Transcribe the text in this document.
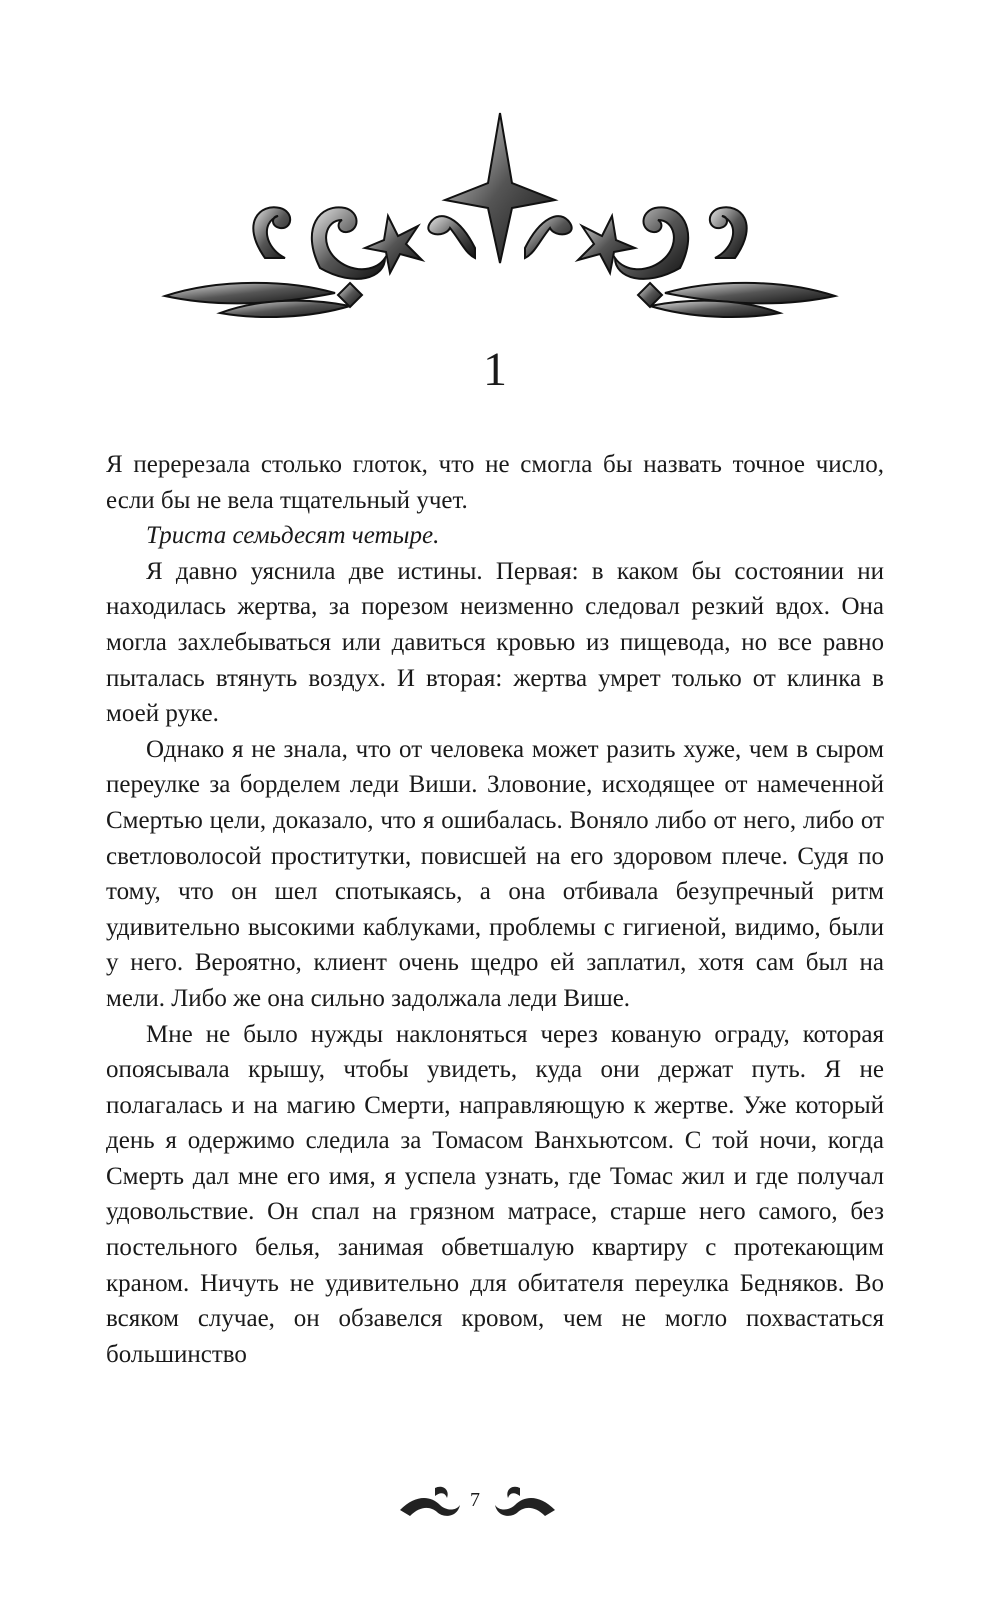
1

Я перерезала столько глоток, что не смогла бы назвать точное число, если бы не вела тщательный учет.

Триста семьдесят четыре.

Я давно уяснила две истины. Первая: в каком бы состоянии ни находилась жертва, за порезом неизменно следовал резкий вдох. Она могла захлебываться или давиться кровью из пищевода, но все равно пыталась втянуть воздух. И вторая: жертва умрет только от клинка в моей руке.

Однако я не знала, что от человека может разить хуже, чем в сыром переулке за борделем леди Виши. Зловоние, исходящее от намеченной Смертью цели, доказало, что я ошибалась. Воняло либо от него, либо от светловолосой проститутки, повисшей на его здоровом плече. Судя по тому, что он шел спотыкаясь, а она отбивала безупречный ритм удивительно высокими каблуками, проблемы с гигиеной, видимо, были у него. Вероятно, клиент очень щедро ей заплатил, хотя сам был на мели. Либо же она сильно задолжала леди Више.

Мне не было нужды наклоняться через кованую ограду, которая опоясывала крышу, чтобы увидеть, куда они держат путь. Я не полагалась и на магию Смерти, направляющую к жертве. Уже который день я одержимо следила за Томасом Ванхьютсом. С той ночи, когда Смерть дал мне его имя, я успела узнать, где Томас жил и где получал удовольствие. Он спал на грязном матрасе, старше него самого, без постельного белья, занимая обветшалую квартиру с протекающим краном. Ничуть не удивительно для обитателя переулка Бедняков. Во всяком случае, он обзавелся кровом, чем не могло похвастаться большинство

7
